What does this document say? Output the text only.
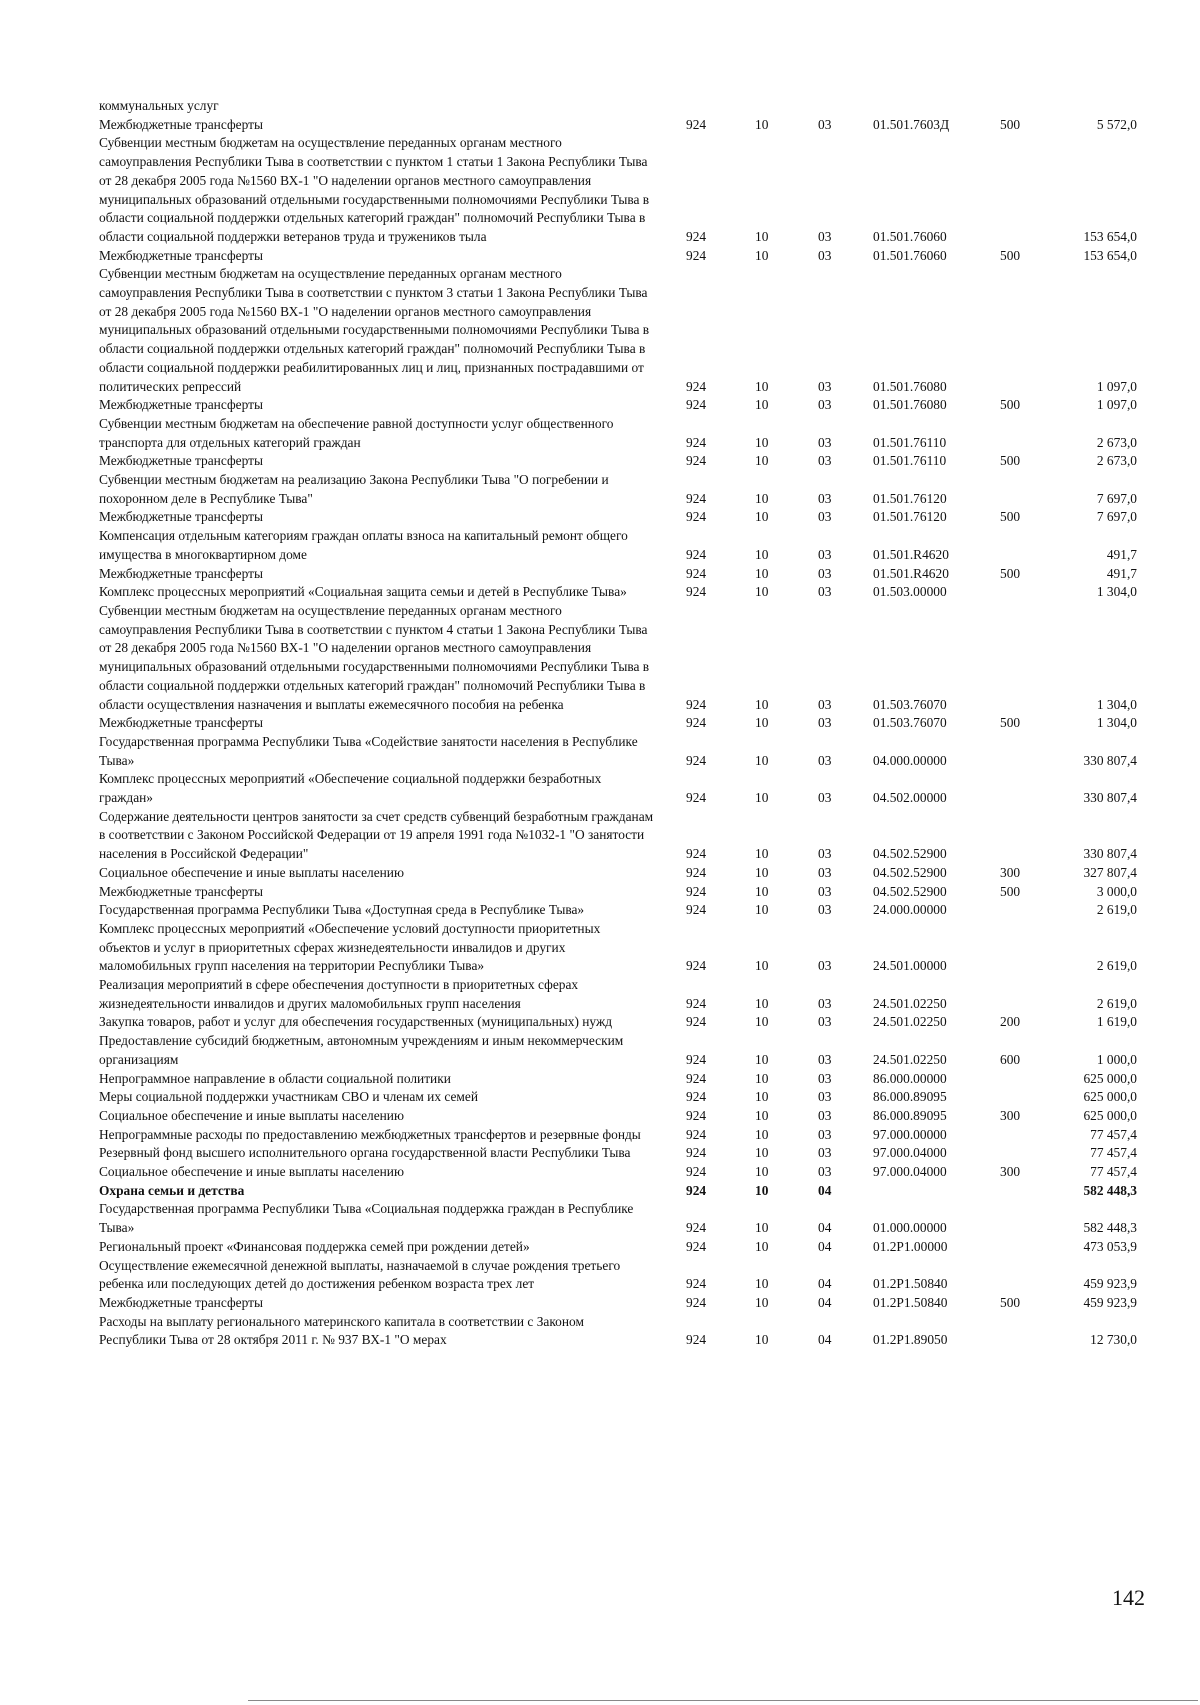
коммунальных услуг
Межбюджетные трансферты	924	10	03	01.501.7603Д	500	5 572,0
Субвенции местным бюджетам на осуществление переданных органам местного самоуправления Республики Тыва в соответствии с пунктом 1 статьи 1 Закона Республики Тыва от 28 декабря 2005 года №1560 ВХ-1 "О наделении органов местного самоуправления муниципальных образований отдельными государственными полномочиями Республики Тыва в области социальной поддержки отдельных категорий граждан" полномочий Республики Тыва в области социальной поддержки ветеранов труда и тружеников тыла	924	10	03	01.501.76060	153 654,0
Межбюджетные трансферты	924	10	03	01.501.76060	500	153 654,0
Субвенции местным бюджетам на осуществление переданных органам местного самоуправления Республики Тыва в соответствии с пунктом 3 статьи 1 Закона Республики Тыва от 28 декабря 2005 года №1560 ВХ-1 "О наделении органов местного самоуправления муниципальных образований отдельными государственными полномочиями Республики Тыва в области социальной поддержки отдельных категорий граждан" полномочий Республики Тыва в области социальной поддержки реабилитированных лиц и лиц, признанных пострадавшими от политических репрессий	924	10	03	01.501.76080	1 097,0
Межбюджетные трансферты	924	10	03	01.501.76080	500	1 097,0
Субвенции местным бюджетам на обеспечение равной доступности услуг общественного транспорта для отдельных категорий граждан	924	10	03	01.501.76110	2 673,0
Межбюджетные трансферты	924	10	03	01.501.76110	500	2 673,0
Субвенции местным бюджетам на реализацию Закона Республики Тыва "О погребении и похоронном деле в Республике Тыва"	924	10	03	01.501.76120	7 697,0
Межбюджетные трансферты	924	10	03	01.501.76120	500	7 697,0
Компенсация отдельным категориям граждан оплаты взноса на капитальный ремонт общего имущества в многоквартирном доме	924	10	03	01.501.R4620	491,7
Межбюджетные трансферты	924	10	03	01.501.R4620	500	491,7
Комплекс процессных мероприятий «Социальная защита семьи и детей в Республике Тыва»	924	10	03	01.503.00000	1 304,0
Субвенции местным бюджетам на осуществление переданных органам местного самоуправления Республики Тыва в соответствии с пунктом 4 статьи 1 Закона Республики Тыва от 28 декабря 2005 года №1560 ВХ-1 "О наделении органов местного самоуправления муниципальных образований отдельными государственными полномочиями Республики Тыва в области социальной поддержки отдельных категорий граждан" полномочий Республики Тыва в области осуществления назначения и выплаты ежемесячного пособия на ребенка	924	10	03	01.503.76070	1 304,0
Межбюджетные трансферты	924	10	03	01.503.76070	500	1 304,0
Государственная программа Республики Тыва «Содействие занятости населения в Республике Тыва»	924	10	03	04.000.00000	330 807,4
Комплекс процессных мероприятий «Обеспечение социальной поддержки безработных граждан»	924	10	03	04.502.00000	330 807,4
Содержание деятельности центров занятости за счет средств субвенций безработным гражданам в соответствии с Законом Российской Федерации от 19 апреля 1991 года №1032-1 "О занятости населения в Российской Федерации"	924	10	03	04.502.52900	330 807,4
Социальное обеспечение и иные выплаты населению	924	10	03	04.502.52900	300	327 807,4
Межбюджетные трансферты	924	10	03	04.502.52900	500	3 000,0
Государственная программа Республики Тыва «Доступная среда в Республике Тыва»	924	10	03	24.000.00000	2 619,0
Комплекс процессных мероприятий «Обеспечение условий доступности приоритетных объектов и услуг в приоритетных сферах жизнедеятельности инвалидов и других маломобильных групп населения на территории Республики Тыва»	924	10	03	24.501.00000	2 619,0
Реализация мероприятий в сфере обеспечения доступности в приоритетных сферах жизнедеятельности инвалидов и других маломобильных групп населения	924	10	03	24.501.02250	2 619,0
Закупка товаров, работ и услуг для обеспечения государственных (муниципальных) нужд	924	10	03	24.501.02250	200	1 619,0
Предоставление субсидий бюджетным, автономным учреждениям и иным некоммерческим организациям	924	10	03	24.501.02250	600	1 000,0
Непрограммное направление в области социальной политики	924	10	03	86.000.00000	625 000,0
Меры социальной поддержки участникам СВО и членам их семей	924	10	03	86.000.89095	625 000,0
Социальное обеспечение и иные выплаты населению	924	10	03	86.000.89095	300	625 000,0
Непрограммные расходы по предоставлению межбюджетных трансфертов и резервные фонды	924	10	03	97.000.00000	77 457,4
Резервный фонд высшего исполнительного органа государственной власти Республики Тыва	924	10	03	97.000.04000	77 457,4
Социальное обеспечение и иные выплаты населению	924	10	03	97.000.04000	300	77 457,4
Охрана семьи и детства	924	10	04	582 448,3
Государственная программа Республики Тыва «Социальная поддержка граждан в Республике Тыва»	924	10	04	01.000.00000	582 448,3
Региональный проект «Финансовая поддержка семей при рождении детей»	924	10	04	01.2P1.00000	473 053,9
Осуществление ежемесячной денежной выплаты, назначаемой в случае рождения третьего ребенка или последующих детей до достижения ребенком возраста трех лет	924	10	04	01.2P1.50840	459 923,9
Межбюджетные трансферты	924	10	04	01.2P1.50840	500	459 923,9
Расходы на выплату регионального материнского капитала в соответствии с Законом Республики Тыва от 28 октября 2011 г. № 937 ВХ-1 "О мерах	924	10	04	01.2P1.89050	12 730,0
142
